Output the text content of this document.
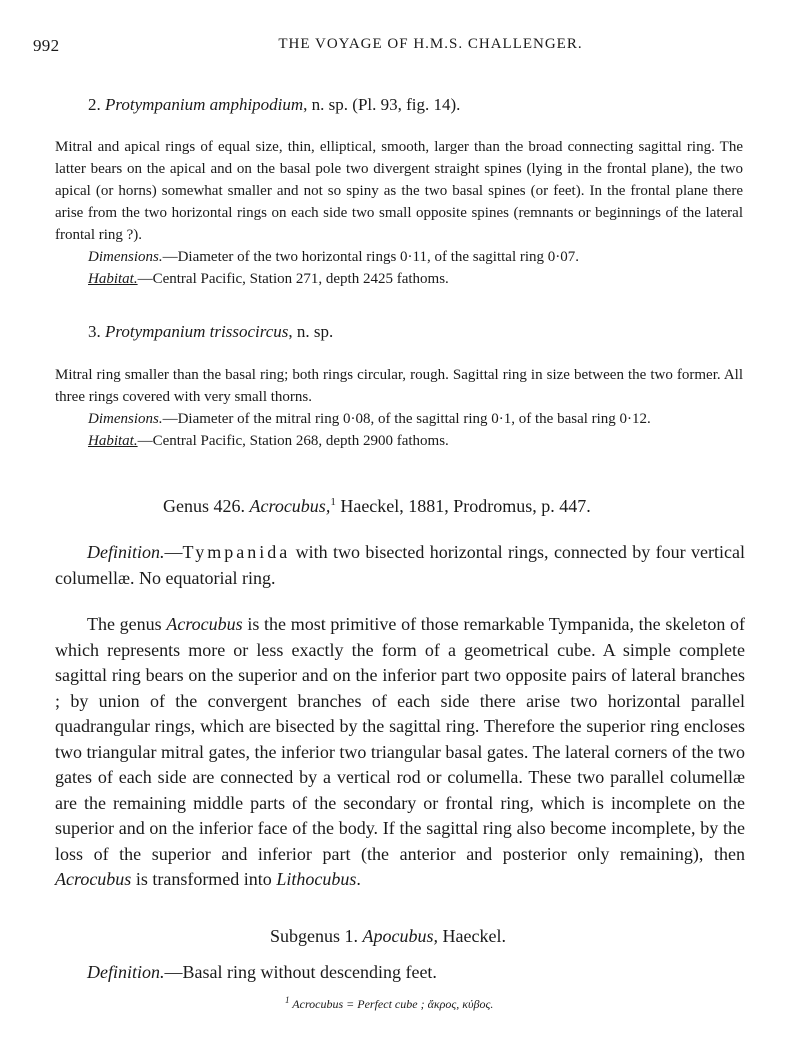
992	THE VOYAGE OF H.M.S. CHALLENGER.
2. Protympanium amphipodium, n. sp. (Pl. 93, fig. 14).
Mitral and apical rings of equal size, thin, elliptical, smooth, larger than the broad connecting sagittal ring. The latter bears on the apical and on the basal pole two divergent straight spines (lying in the frontal plane), the two apical (or horns) somewhat smaller and not so spiny as the two basal spines (or feet). In the frontal plane there arise from the two horizontal rings on each side two small opposite spines (remnants or beginnings of the lateral frontal ring ?).
Dimensions.—Diameter of the two horizontal rings 0·11, of the sagittal ring 0·07.
Habitat.—Central Pacific, Station 271, depth 2425 fathoms.
3. Protympanium trissocircus, n. sp.
Mitral ring smaller than the basal ring; both rings circular, rough. Sagittal ring in size between the two former. All three rings covered with very small thorns.
Dimensions.—Diameter of the mitral ring 0·08, of the sagittal ring 0·1, of the basal ring 0·12.
Habitat.—Central Pacific, Station 268, depth 2900 fathoms.
Genus 426. Acrocubus,$^1$ Haeckel, 1881, Prodromus, p. 447.
Definition.—Tympanida with two bisected horizontal rings, connected by four vertical columellæ. No equatorial ring.
The genus Acrocubus is the most primitive of those remarkable Tympanida, the skeleton of which represents more or less exactly the form of a geometrical cube. A simple complete sagittal ring bears on the superior and on the inferior part two opposite pairs of lateral branches ; by union of the convergent branches of each side there arise two horizontal parallel quadrangular rings, which are bisected by the sagittal ring. Therefore the superior ring encloses two triangular mitral gates, the inferior two triangular basal gates. The lateral corners of the two gates of each side are connected by a vertical rod or columella. These two parallel columellæ are the remaining middle parts of the secondary or frontal ring, which is incomplete on the superior and on the inferior face of the body. If the sagittal ring also become incomplete, by the loss of the superior and inferior part (the anterior and posterior only remaining), then Acrocubus is transformed into Lithocubus.
Subgenus 1. Apocubus, Haeckel.
Definition.—Basal ring without descending feet.
$^1$ Acrocubus = Perfect cube ; ἄκρος, κύβος.
